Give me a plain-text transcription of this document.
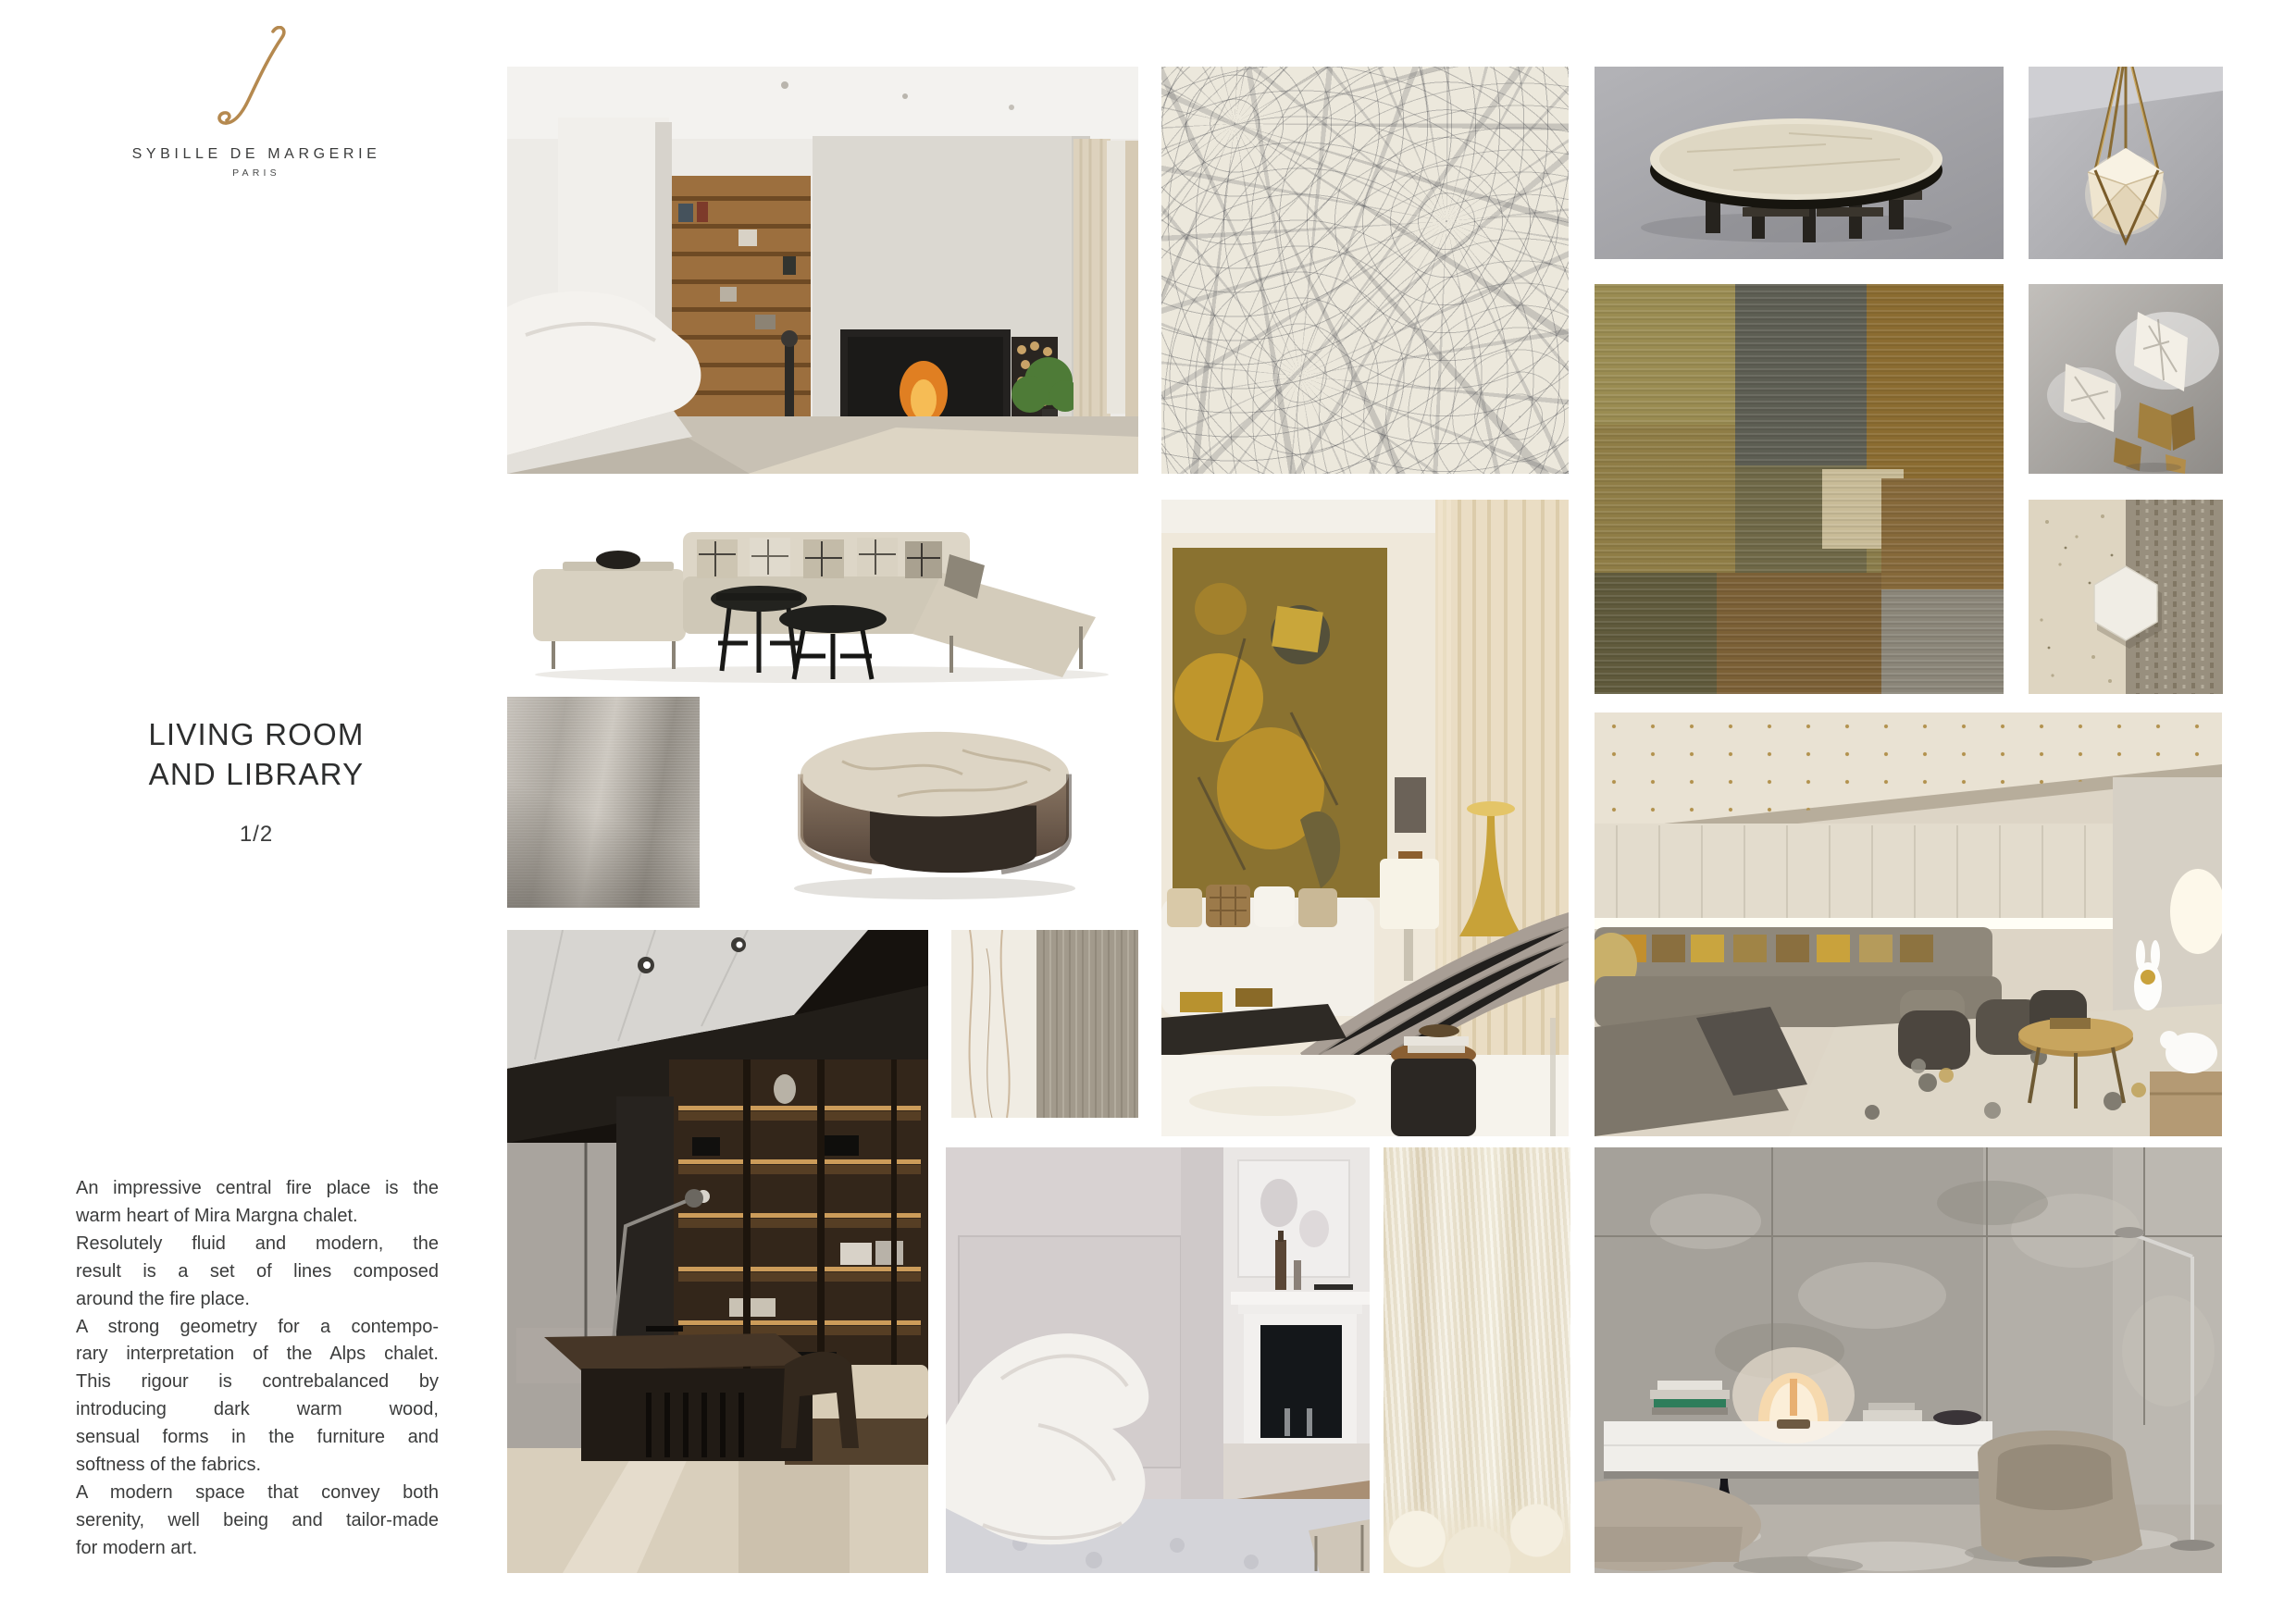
SYBILLE DE MARGERIE
PARIS
LIVING ROOM
AND LIBRARY
1/2
An impressive central fire place is the
warm heart of Mira Margna chalet.
Resolutely fluid and modern, the
result is a set of lines composed
around the fire place.
A strong geometry for a contempo-
rary interpretation of the Alps chalet.
This rigour is contrebalanced by
introducing dark warm wood,
sensual forms in the furniture and
softness of the fabrics.
A modern space that convey both
serenity, well being and tailor-made
for modern art.
